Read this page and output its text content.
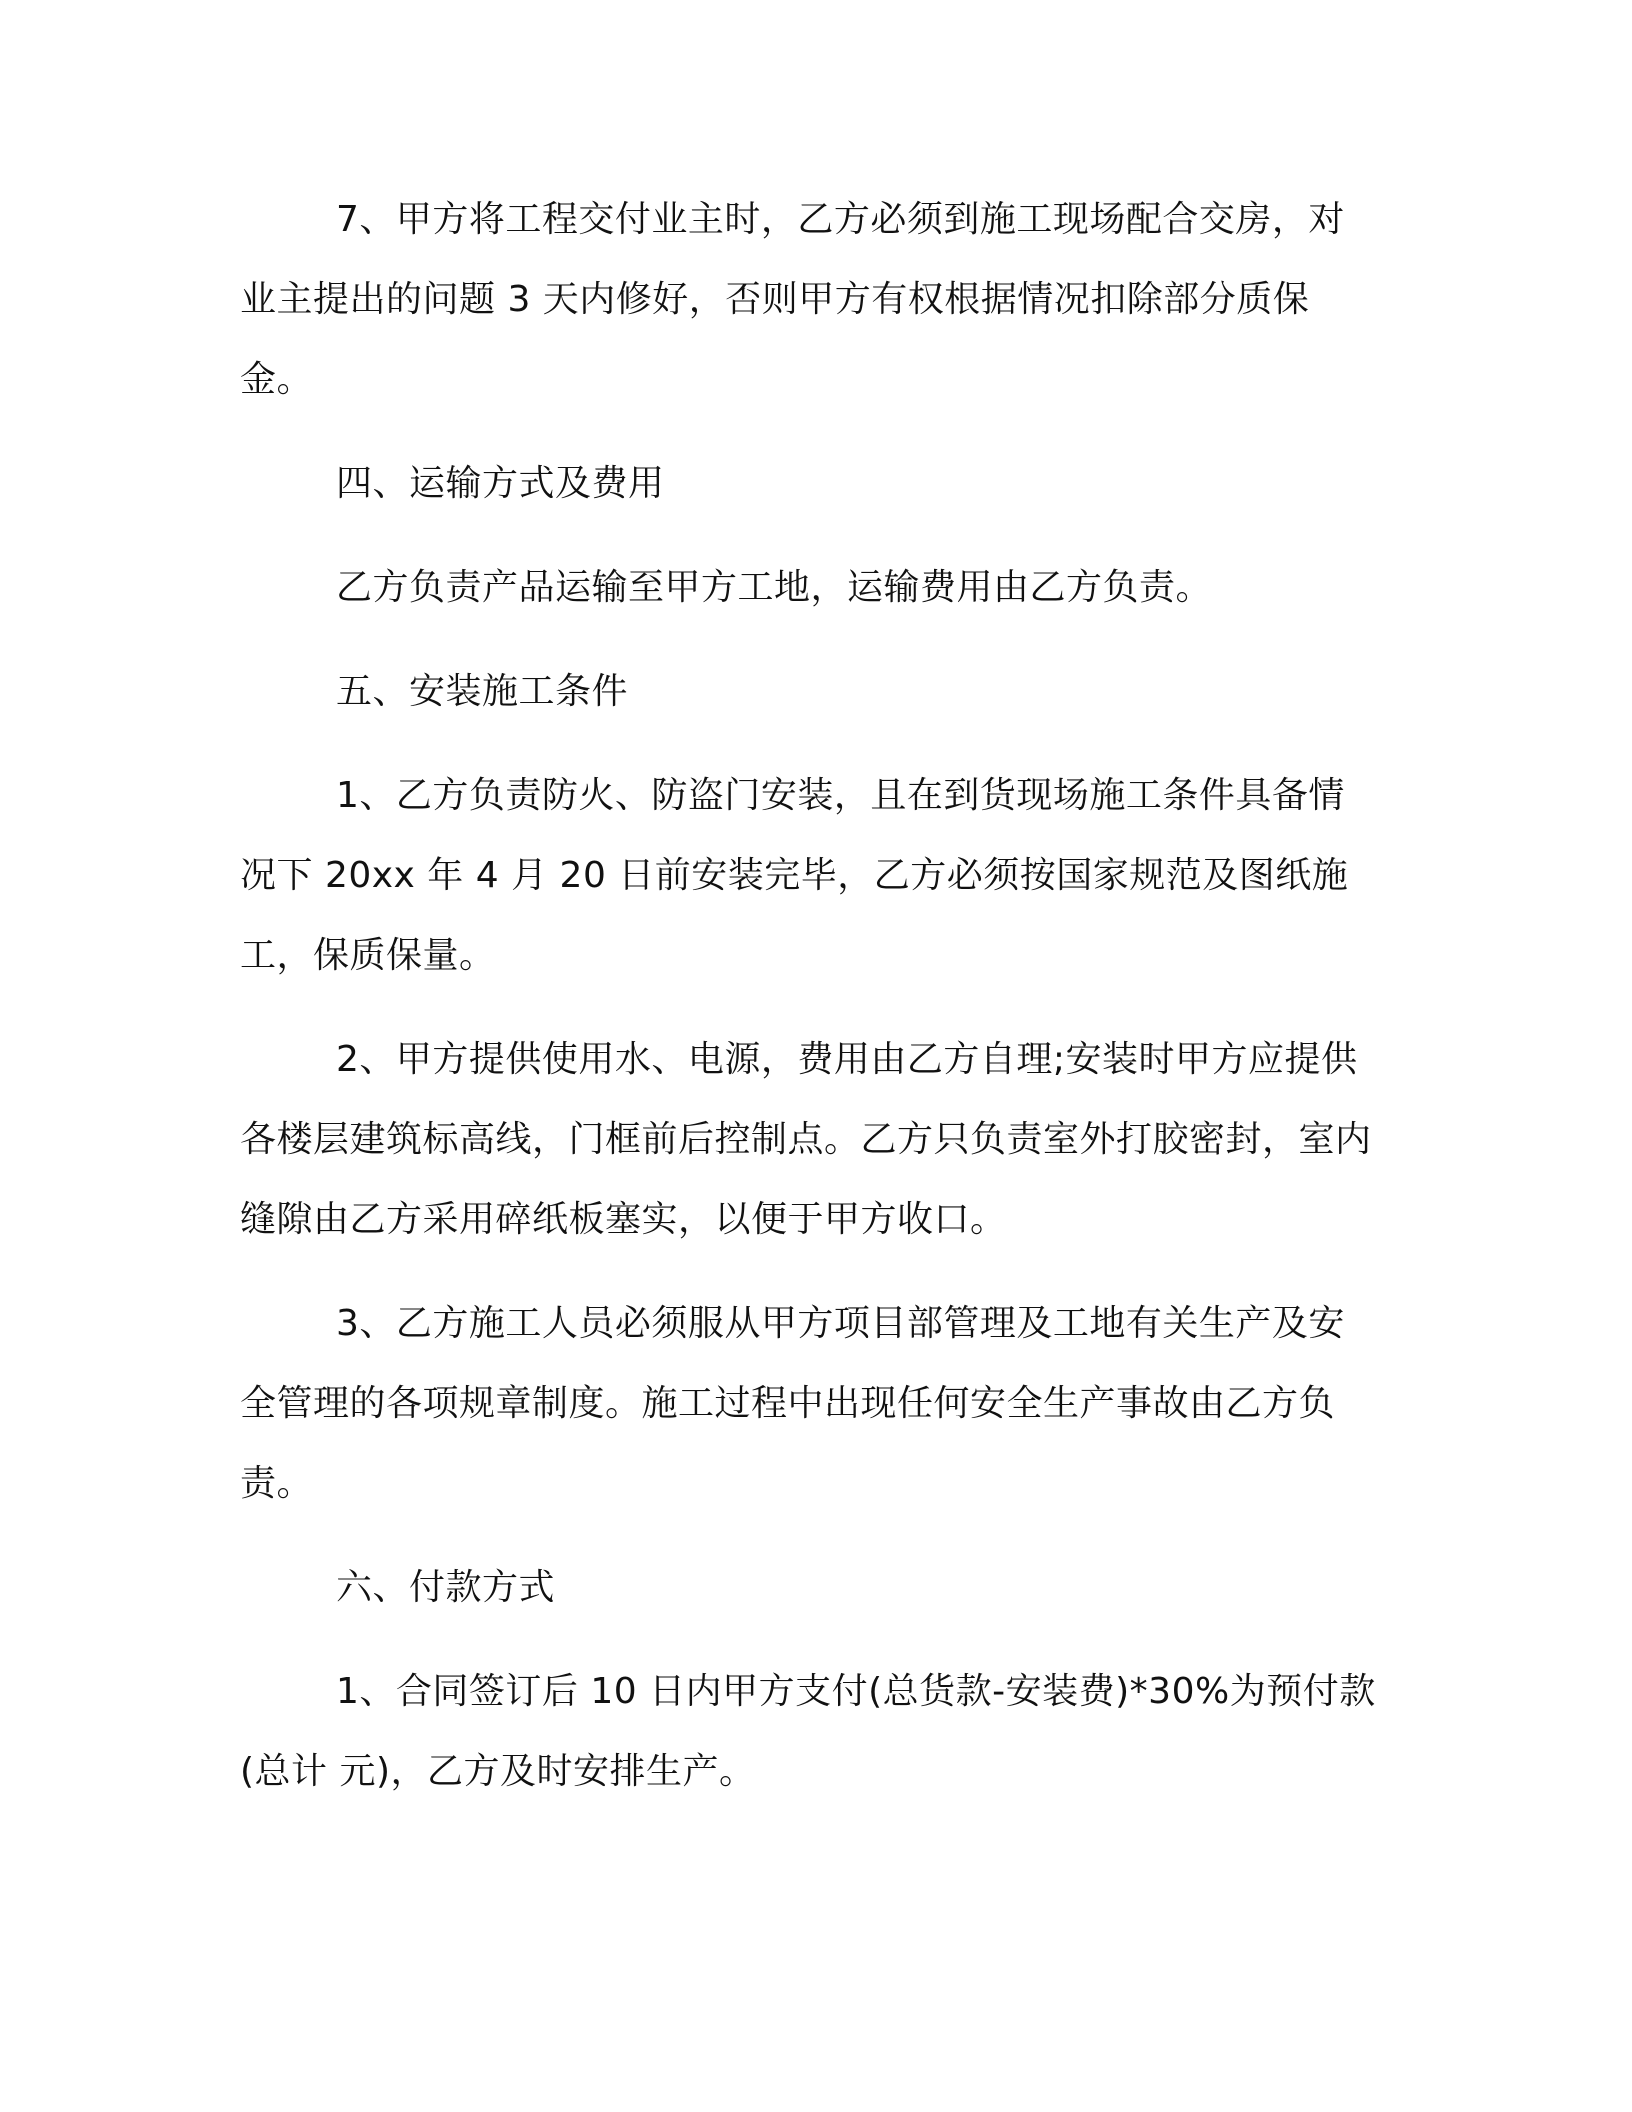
7、甲方将工程交付业主时，乙方必须到施工现场配合交房，对业主提出的问题 3 天内修好，否则甲方有权根据情况扣除部分质保金。

四、运输方式及费用

乙方负责产品运输至甲方工地，运输费用由乙方负责。

五、安装施工条件

1、乙方负责防火、防盗门安装，且在到货现场施工条件具备情况下 20xx 年 4 月 20 日前安装完毕，乙方必须按国家规范及图纸施工，保质保量。

2、甲方提供使用水、电源，费用由乙方自理;安装时甲方应提供各楼层建筑标高线，门框前后控制点。乙方只负责室外打胶密封，室内缝隙由乙方采用碎纸板塞实，以便于甲方收口。

3、乙方施工人员必须服从甲方项目部管理及工地有关生产及安全管理的各项规章制度。施工过程中出现任何安全生产事故由乙方负责。

六、付款方式

1、合同签订后 10 日内甲方支付(总货款-安装费)*30%为预付款(总计 元)，乙方及时安排生产。
